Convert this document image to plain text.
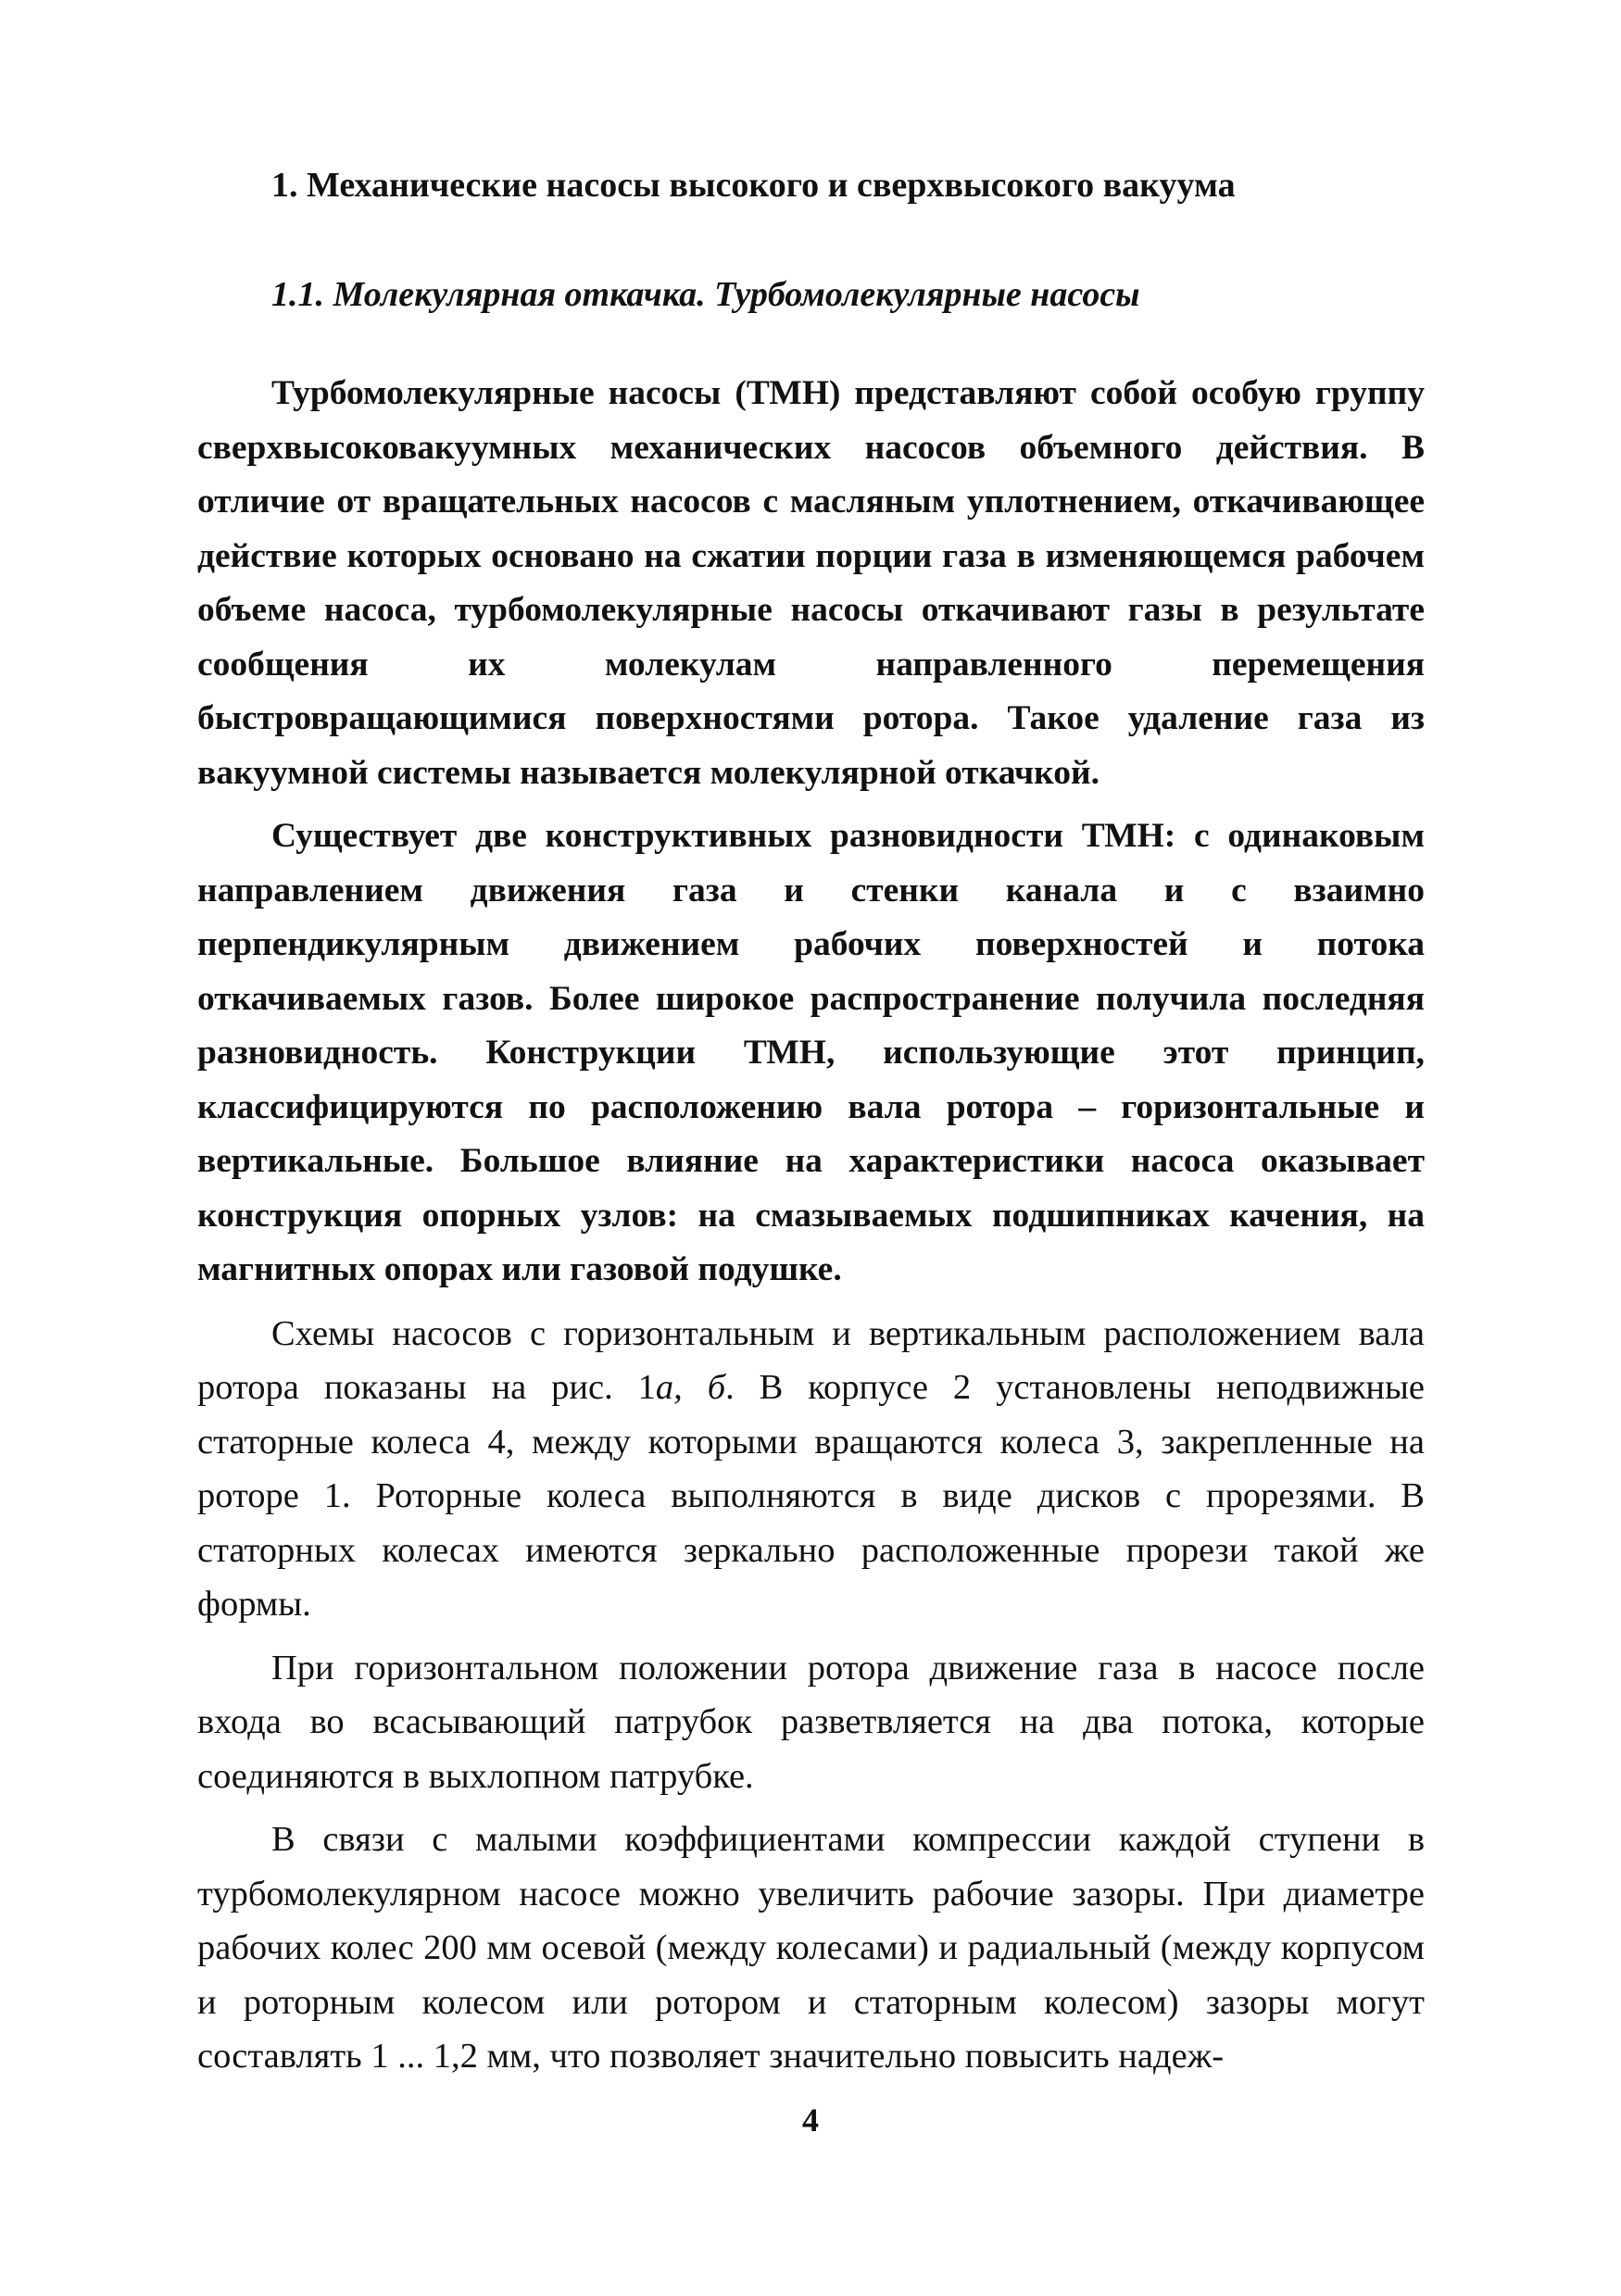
1. Механические насосы высокого и сверхвысокого вакуума
1.1. Молекулярная откачка. Турбомолекулярные насосы

Турбомолекулярные насосы (ТМН) представляют собой особую группу сверхвысоковакуумных механических насосов объемного действия. В отличие от вращательных насосов с масляным уплотнением, откачивающее действие которых основано на сжатии порции газа в изменяющемся рабочем объеме насоса, турбомолекулярные насосы откачивают газы в результате сообщения их молекулам направленного перемещения быстровращающимися поверхностями ротора. Такое удаление газа из вакуумной системы называется молекулярной откачкой.

Существует две конструктивных разновидности ТМН: с одинаковым направлением движения газа и стенки канала и с взаимно перпендикулярным движением рабочих поверхностей и потока откачиваемых газов. Более широкое распространение получила последняя разновидность. Конструкции ТМН, использующие этот принцип, классифицируются по расположению вала ротора – горизонтальные и вертикальные. Большое влияние на характеристики насоса оказывает конструкция опорных узлов: на смазываемых подшипниках качения, на магнитных опорах или газовой подушке.

Схемы насосов с горизонтальным и вертикальным расположением вала ротора показаны на рис. 1а, б. В корпусе 2 установлены неподвижные статорные колеса 4, между которыми вращаются колеса 3, закрепленные на роторе 1. Роторные колеса выполняются в виде дисков с прорезями. В статорных колесах имеются зеркально расположенные прорези такой же формы.

При горизонтальном положении ротора движение газа в насосе после входа во всасывающий патрубок разветвляется на два потока, которые соединяются в выхлопном патрубке.

В связи с малыми коэффициентами компрессии каждой ступени в турбомолекулярном насосе можно увеличить рабочие зазоры. При диаметре рабочих колес 200 мм осевой (между колесами) и радиальный (между корпусом и роторным колесом или ротором и статорным колесом) зазоры могут составлять 1 ... 1,2 мм, что позволяет значительно повысить надеж-

4
